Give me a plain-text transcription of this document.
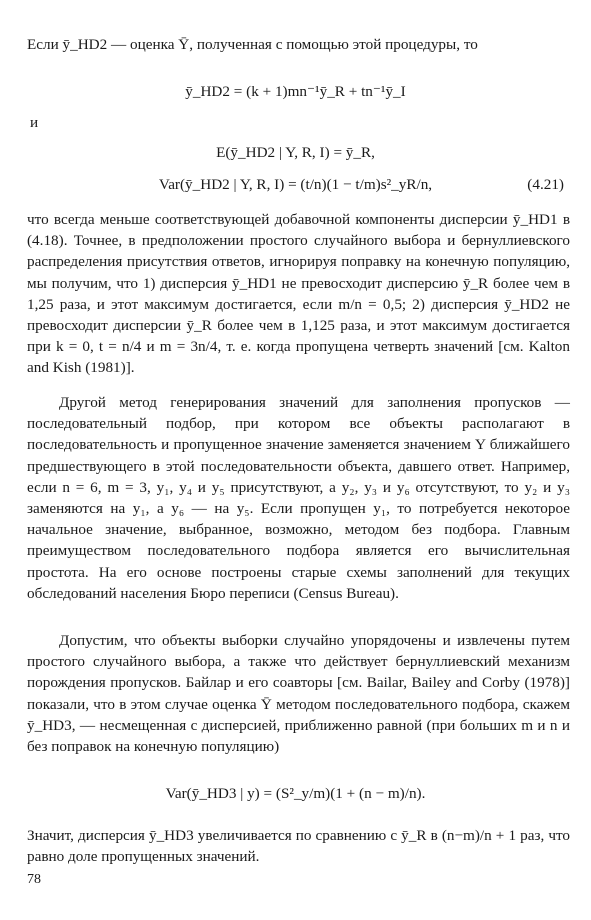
Если ȳ_HD2 — оценка Ȳ, полученная с помощью этой процедуры, то

ȳ_HD2 = (k + 1)mn⁻¹ȳ_R + tn⁻¹ȳ_I
и
E(ȳ_HD2 | Y, R, I) = ȳ_R,
Var(ȳ_HD2 | Y, R, I) = (t/n)(1 − t/m)s²_yR/n,	(4.21)

что всегда меньше соответствующей добавочной компоненты дисперсии ȳ_HD1 в (4.18). Точнее, в предположении простого случайного выбора и бернуллиевского распределения присутствия ответов, игнорируя поправку на конечную популяцию, мы получим, что 1) дисперсия ȳ_HD1 не превосходит дисперсию ȳ_R более чем в 1,25 раза, и этот максимум достигается, если m/n = 0,5; 2) дисперсия ȳ_HD2 не превосходит дисперсии ȳ_R более чем в 1,125 раза, и этот максимум достигается при k = 0, t = n/4 и m = 3n/4, т. е. когда пропущена четверть значений [см. Kalton and Kish (1981)].

Другой метод генерирования значений для заполнения пропусков — последовательный подбор, при котором все объекты располагают в последовательность и пропущенное значение заменяется значением Y ближайшего предшествующего в этой последовательности объекта, давшего ответ. Например, если n = 6, m = 3, y₁, y₄ и y₅ присутствуют, а y₂, y₃ и y₆ отсутствуют, то y₂ и y₃ заменяются на y₁, а y₆ — на y₅. Если пропущен y₁, то потребуется некоторое начальное значение, выбранное, возможно, методом без подбора. Главным преимуществом последовательного подбора является его вычислительная простота. На его основе построены старые схемы заполнений для текущих обследований населения Бюро переписи (Census Bureau).

Допустим, что объекты выборки случайно упорядочены и извлечены путем простого случайного выбора, а также что действует бернуллиевский механизм порождения пропусков. Байлар и его соавторы [см. Bailar, Bailey and Corby (1978)] показали, что в этом случае оценка Ȳ методом последовательного подбора, скажем ȳ_HD3, — несмещенная с дисперсией, приближенно равной (при больших m и n и без поправок на конечную популяцию)

Var(ȳ_HD3 | y) = (S²_y/m)(1 + (n − m)/n).

Значит, дисперсия ȳ_HD3 увеличивается по сравнению с ȳ_R в (n−m)/n + 1 раз, что равно доле пропущенных значений.

78
